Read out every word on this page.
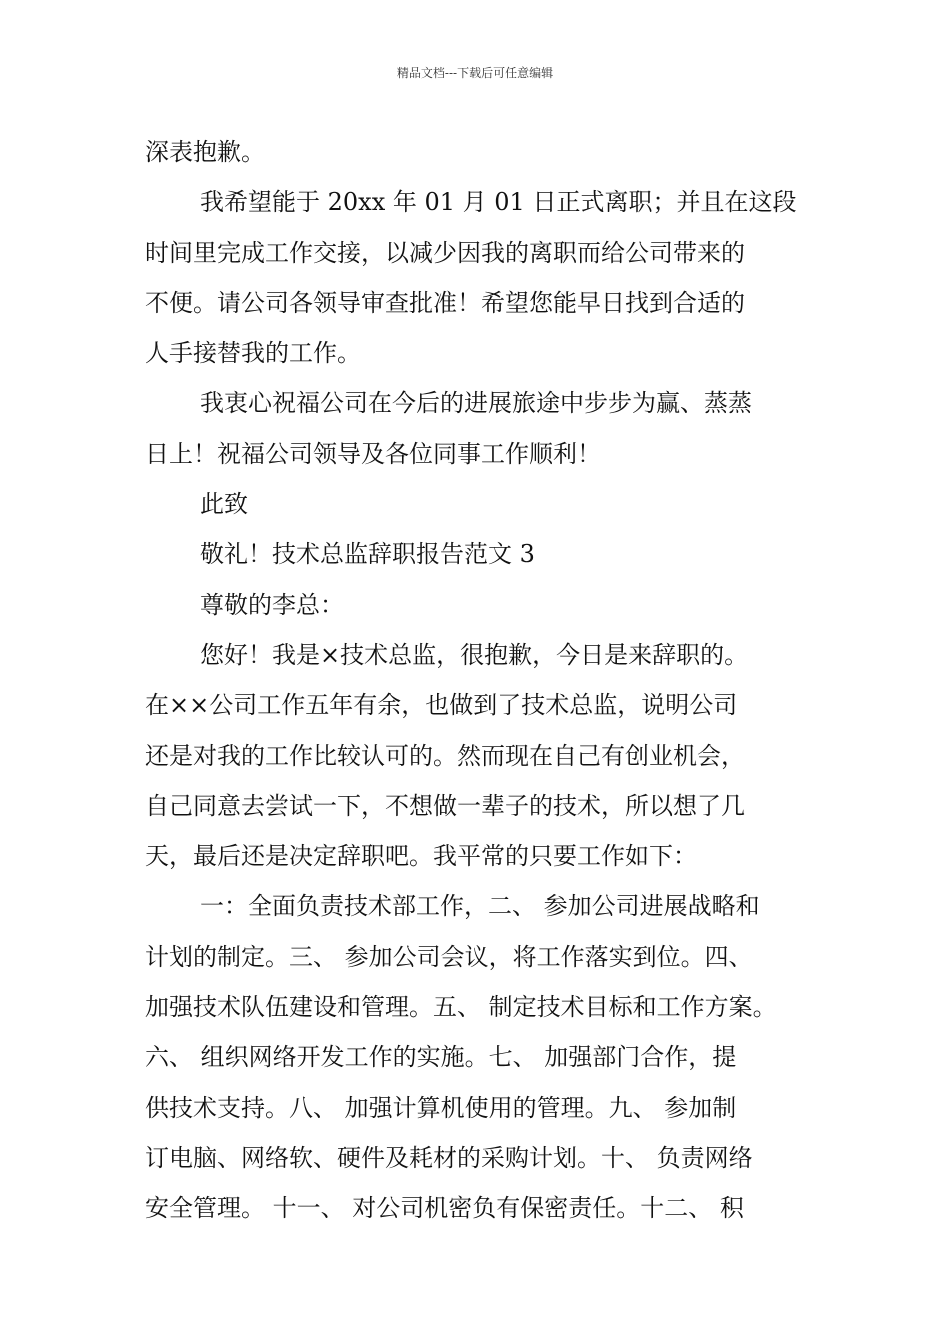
精品文档---下载后可任意编辑
深表抱歉。
我希望能于 20xx 年 01 月 01 日正式离职；并且在这段
时间里完成工作交接，以减少因我的离职而给公司带来的
不便。请公司各领导审查批准！希望您能早日找到合适的
人手接替我的工作。
我衷心祝福公司在今后的进展旅途中步步为赢、蒸蒸
日上！祝福公司领导及各位同事工作顺利！
此致
敬礼！技术总监辞职报告范文 3
尊敬的李总：
您好！我是×技术总监，很抱歉，今日是来辞职的。
在××公司工作五年有余，也做到了技术总监，说明公司
还是对我的工作比较认可的。然而现在自己有创业机会，
自己同意去尝试一下，不想做一辈子的技术，所以想了几
天，最后还是决定辞职吧。我平常的只要工作如下：
一：全面负责技术部工作，二、 参加公司进展战略和
计划的制定。三、 参加公司会议，将工作落实到位。四、
加强技术队伍建设和管理。五、 制定技术目标和工作方案。
六、 组织网络开发工作的实施。七、 加强部门合作，提
供技术支持。八、 加强计算机使用的管理。九、 参加制
订电脑、网络软、硬件及耗材的采购计划。十、 负责网络
安全管理。 十一、 对公司机密负有保密责任。十二、 积
